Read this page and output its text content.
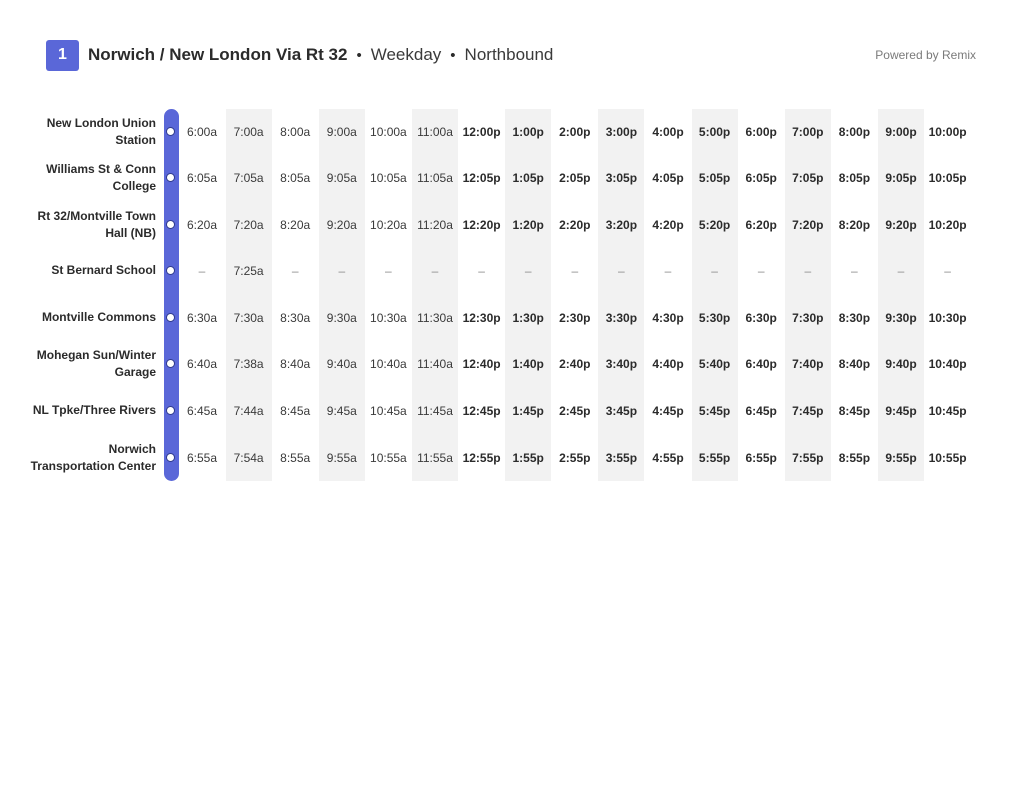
1	Norwich / New London Via Rt 32 • Weekday • Northbound	Powered by Remix
New London Union Station
6:00a	7:00a	8:00a	9:00a	10:00a 11:00a 12:00p 1:00p	2:00p	3:00p	4:00p	5:00p	6:00p	7:00p	8:00p	9:00p 10:00p
Williams St & Conn College
6:05a	7:05a	8:05a	9:05a	10:05a 11:05a 12:05p 1:05p	2:05p	3:05p	4:05p	5:05p	6:05p	7:05p	8:05p	9:05p 10:05p
Rt 32/Montville Town Hall (NB)
6:20a	7:20a	8:20a	9:20a	10:20a 11:20a 12:20p 1:20p	2:20p	3:20p	4:20p	5:20p	6:20p	7:20p	8:20p	9:20p 10:20p
St Bernard School	–	7:25a	–	–	–	–	–	–	–	–	–	–	–	–	–	–	–
Montville Commons	6:30a	7:30a	8:30a	9:30a	10:30a 11:30a 12:30p 1:30p	2:30p	3:30p	4:30p	5:30p	6:30p	7:30p	8:30p	9:30p 10:30p
Mohegan Sun/Winter Garage
6:40a	7:38a	8:40a	9:40a	10:40a 11:40a 12:40p 1:40p	2:40p	3:40p	4:40p	5:40p	6:40p	7:40p	8:40p	9:40p 10:40p
NL Tpke/Three Rivers	6:45a	7:44a	8:45a	9:45a	10:45a 11:45a 12:45p 1:45p	2:45p	3:45p	4:45p	5:45p	6:45p	7:45p	8:45p	9:45p 10:45p
Norwich Transportation Center
6:55a	7:54a	8:55a	9:55a	10:55a 11:55a 12:55p 1:55p	2:55p	3:55p	4:55p	5:55p	6:55p	7:55p	8:55p	9:55p 10:55p
